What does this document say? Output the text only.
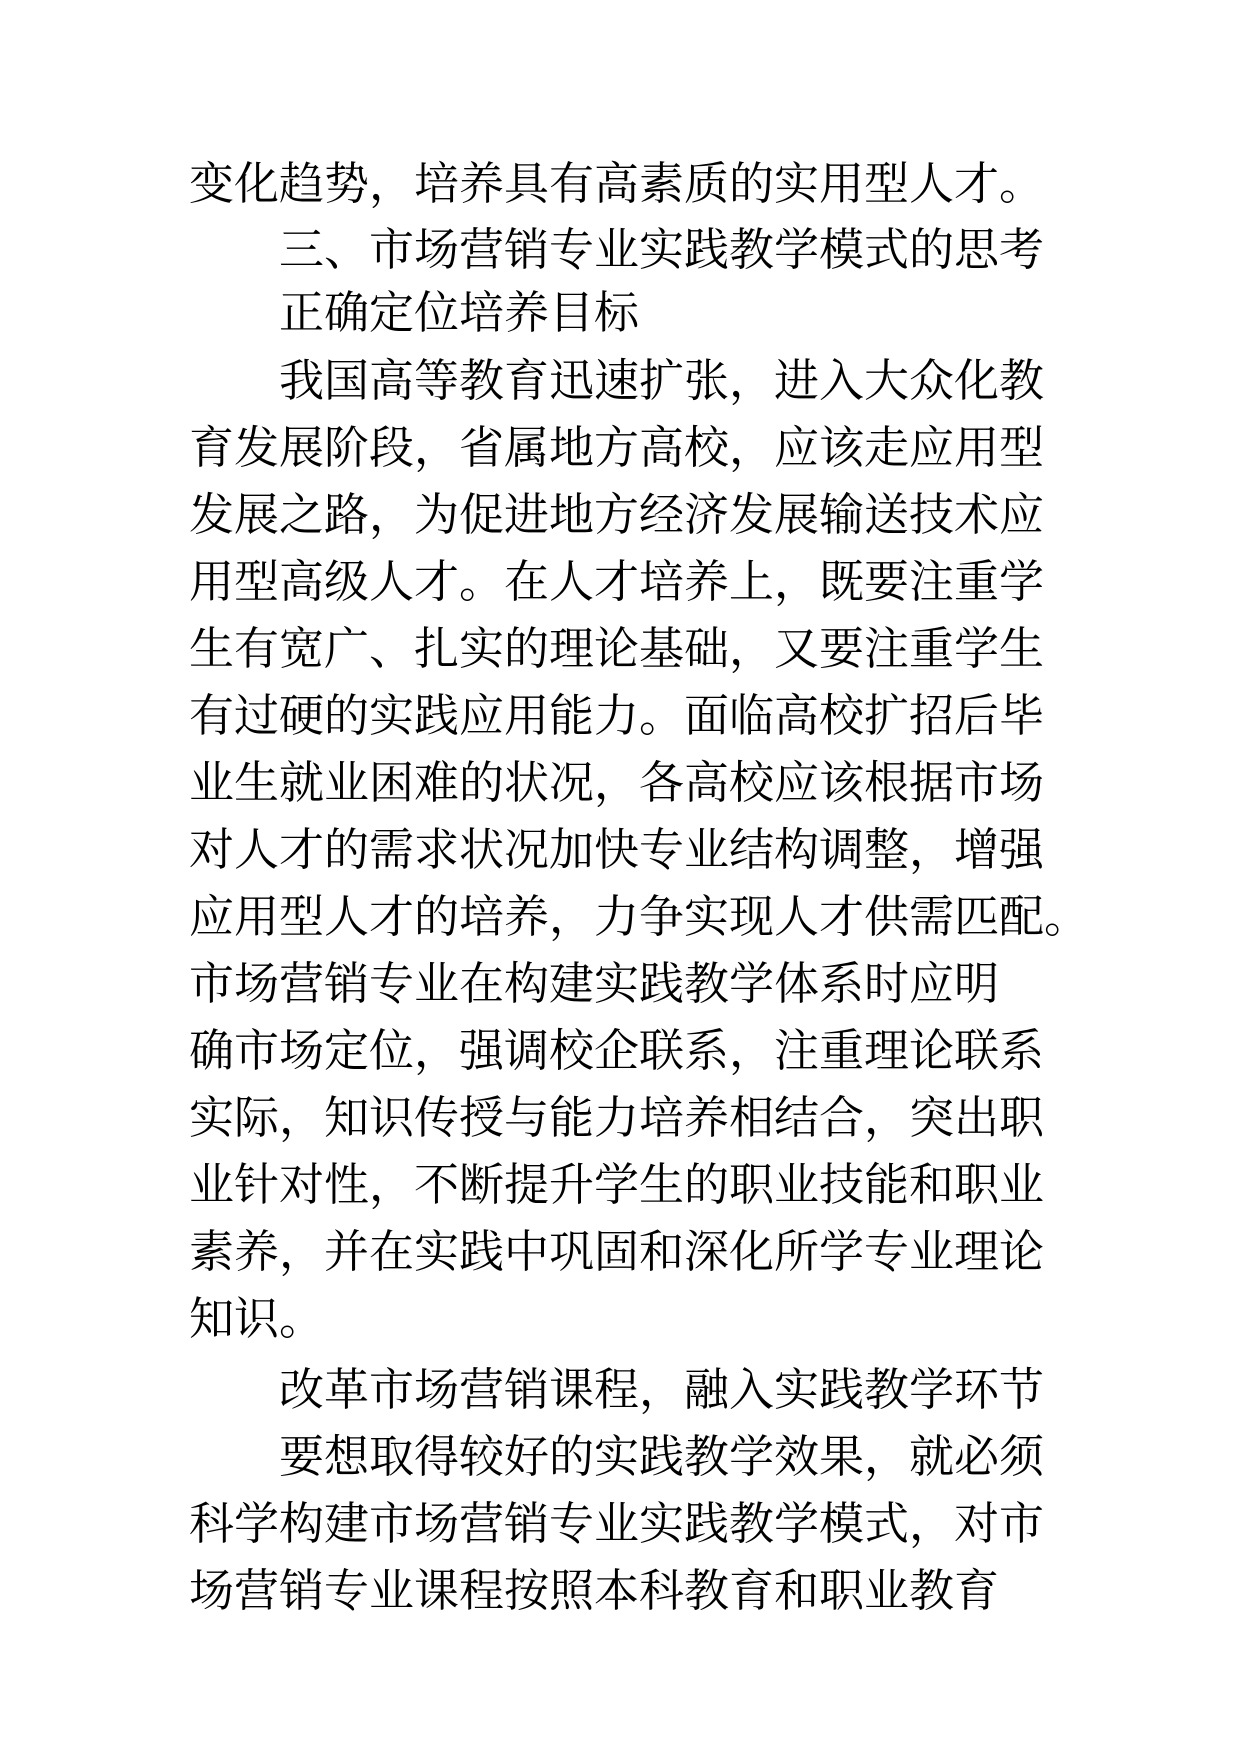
变化趋势，培养具有高素质的实用型人才。

三、市场营销专业实践教学模式的思考

正确定位培养目标

我国高等教育迅速扩张，进入大众化教

育发展阶段，省属地方高校，应该走应用型

发展之路，为促进地方经济发展输送技术应

用型高级人才。在人才培养上，既要注重学

生有宽广、扎实的理论基础，又要注重学生

有过硬的实践应用能力。面临高校扩招后毕

业生就业困难的状况，各高校应该根据市场

对人才的需求状况加快专业结构调整，增强

应用型人才的培养，力争实现人才供需匹配。

市场营销专业在构建实践教学体系时应明

确市场定位，强调校企联系，注重理论联系

实际，知识传授与能力培养相结合，突出职

业针对性，不断提升学生的职业技能和职业

素养，并在实践中巩固和深化所学专业理论

知识。

改革市场营销课程，融入实践教学环节

要想取得较好的实践教学效果，就必须

科学构建市场营销专业实践教学模式，对市

场营销专业课程按照本科教育和职业教育
